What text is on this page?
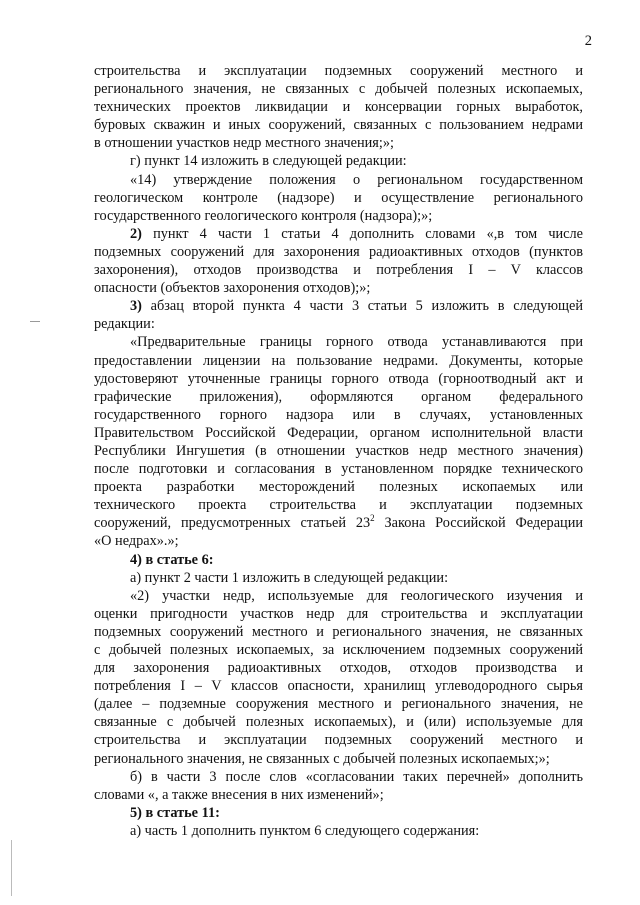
2
строительства и эксплуатации подземных сооружений местного и
регионального значения, не связанных с добычей полезных ископаемых,
технических проектов ликвидации и консервации горных выработок,
буровых скважин и иных сооружений, связанных с пользованием недрами
в отношении участков недр местного значения;»;
г) пункт 14 изложить в следующей редакции:
«14) утверждение положения о региональном государственном
геологическом контроле (надзоре) и осуществление регионального
государственного геологического контроля (надзора);»;
2) пункт 4 части 1 статьи 4 дополнить словами «,в том числе
подземных сооружений для захоронения радиоактивных отходов (пунктов
захоронения), отходов производства и потребления I – V классов
опасности (объектов захоронения отходов);»;
3) абзац второй пункта 4 части 3 статьи 5 изложить в следующей
редакции:
«Предварительные границы горного отвода устанавливаются при
предоставлении лицензии на пользование недрами. Документы, которые
удостоверяют уточненные границы горного отвода (горноотводный акт и
графические приложения), оформляются органом федерального
государственного горного надзора или в случаях, установленных
Правительством Российской Федерации, органом исполнительной власти
Республики Ингушетия (в отношении участков недр местного значения)
после подготовки и согласования в установленном порядке технического
проекта разработки месторождений полезных ископаемых или
технического проекта строительства и эксплуатации подземных
сооружений, предусмотренных статьей $23^2$ Закона Российской Федерации
«О недрах».»;
4) в статье 6:
а) пункт 2 части 1 изложить в следующей редакции:
«2) участки недр, используемые для геологического изучения и
оценки пригодности участков недр для строительства и эксплуатации
подземных сооружений местного и регионального значения, не связанных
с добычей полезных ископаемых, за исключением подземных сооружений
для захоронения радиоактивных отходов, отходов производства и
потребления I – V классов опасности, хранилищ углеводородного сырья
(далее – подземные сооружения местного и регионального значения, не
связанные с добычей полезных ископаемых), и (или) используемые для
строительства и эксплуатации подземных сооружений местного и
регионального значения, не связанных с добычей полезных ископаемых;»;
б) в части 3 после слов «согласовании таких перечней» дополнить
словами «, а также внесения в них изменений»;
5) в статье 11:
а) часть 1 дополнить пунктом 6 следующего содержания:
